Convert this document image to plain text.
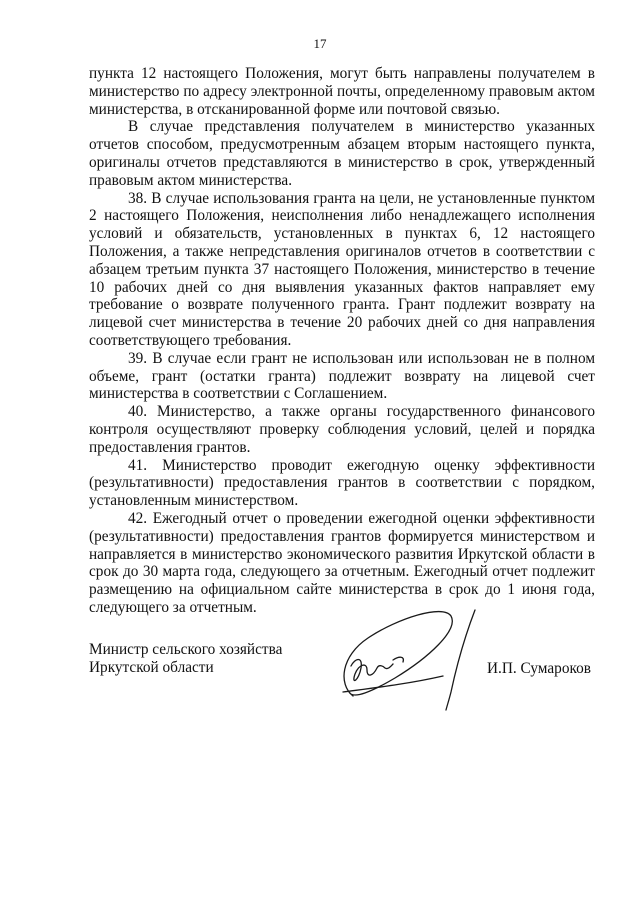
17

пункта 12 настоящего Положения, могут быть направлены получателем в министерство по адресу электронной почты, определенному правовым актом министерства, в отсканированной форме или почтовой связью.

В случае представления получателем в министерство указанных отчетов способом, предусмотренным абзацем вторым настоящего пункта, оригиналы отчетов представляются в министерство в срок, утвержденный правовым актом министерства.

38. В случае использования гранта на цели, не установленные пунктом 2 настоящего Положения, неисполнения либо ненадлежащего исполнения условий и обязательств, установленных в пунктах 6, 12 настоящего Положения, а также непредставления оригиналов отчетов в соответствии с абзацем третьим пункта 37 настоящего Положения, министерство в течение 10 рабочих дней со дня выявления указанных фактов направляет ему требование о возврате полученного гранта. Грант подлежит возврату на лицевой счет министерства в течение 20 рабочих дней со дня направления соответствующего требования.

39. В случае если грант не использован или использован не в полном объеме, грант (остатки гранта) подлежит возврату на лицевой счет министерства в соответствии с Соглашением.

40. Министерство, а также органы государственного финансового контроля осуществляют проверку соблюдения условий, целей и порядка предоставления грантов.

41. Министерство проводит ежегодную оценку эффективности (результативности) предоставления грантов в соответствии с порядком, установленным министерством.

42. Ежегодный отчет о проведении ежегодной оценки эффективности (результативности) предоставления грантов формируется министерством и направляется в министерство экономического развития Иркутской области в срок до 30 марта года, следующего за отчетным. Ежегодный отчет подлежит размещению на официальном сайте министерства в срок до 1 июня года, следующего за отчетным.

Министр сельского хозяйства
Иркутской области	И.П. Сумароков
